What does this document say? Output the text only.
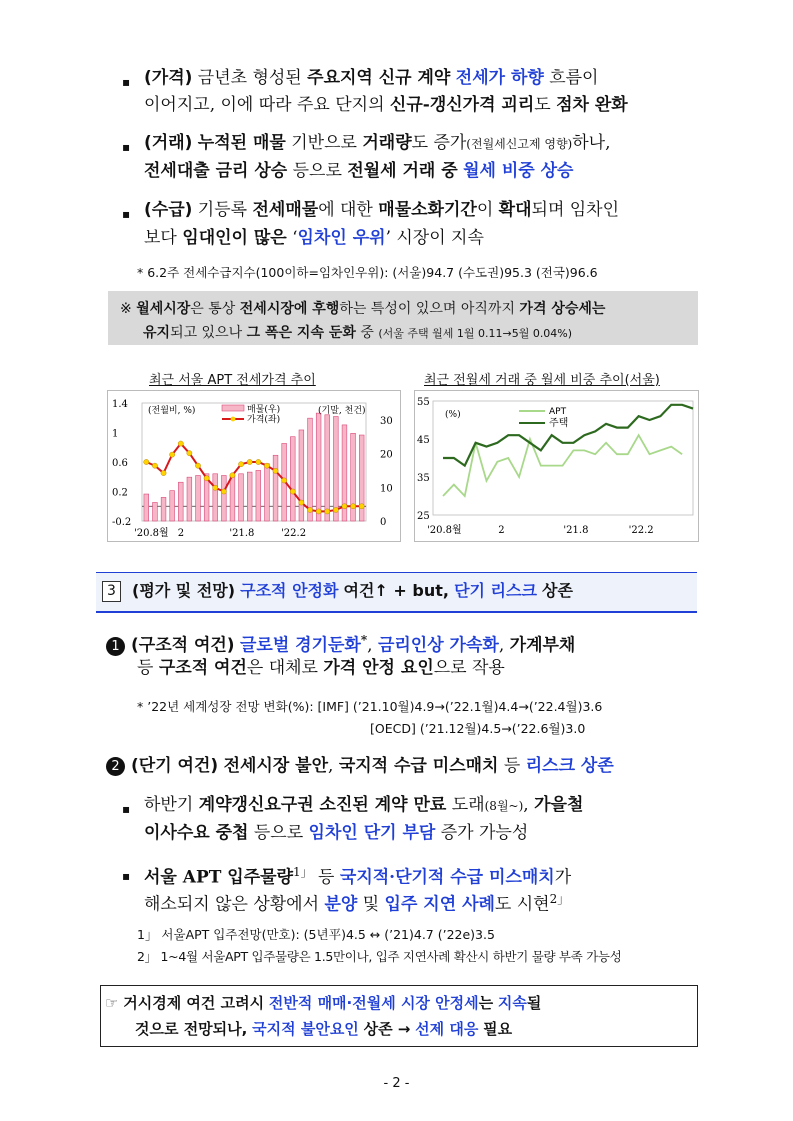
▪ (가격) 금년초 형성된 주요지역 신규 계약 전세가 하향 흐름이
이어지고, 이에 따라 주요 단지의 신규-갱신가격 괴리도 점차 완화
▪ (거래) 누적된 매물 기반으로 거래량도 증가(전월세신고제 영향)하나,
전세대출 금리 상승 등으로 전월세 거래 중 월세 비중 상승
▪ (수급) 기등록 전세매물에 대한 매물소화기간이 확대되며 임차인
보다 임대인이 많은 ‘임차인 우위’ 시장이 지속
* 6.2주 전세수급지수(100이하=임차인우위): (서울)94.7 (수도권)95.3 (전국)96.6
※ 월세시장은 통상 전세시장에 후행하는 특성이 있으며 아직까지 가격 상승세는
유지되고 있으나 그 폭은 지속 둔화 중 (서울 주택 월세 1월 0.11→5월 0.04%)
최근 서울 APT 전세가격 추이	최근 전월세 거래 중 월세 비중 추이(서울)
1.4
1
0.6
0.2
-0.2
30
20
10
0
(전월비, %)	(기말, 천건)
매물(우)
가격(좌)
'20.8월 2	'21.8	'22.2
55
45
35
25
(%)	APT
주택
'20.8월	2	'21.8	'22.2
3	(평가 및 전망) 구조적 안정화 여건↑ + but, 단기 리스크 상존
1 (구조적 여건) 글로벌 경기둔화*, 금리인상 가속화, 가계부채
등 구조적 여건은 대체로 가격 안정 요인으로 작용
* ’22년 세계성장 전망 변화(%): [IMF] (’21.10월)4.9→(’22.1월)4.4→(’22.4월)3.6
[OECD] (’21.12월)4.5→(’22.6월)3.0
2 (단기 여건) 전세시장 불안, 국지적 수급 미스매치 등 리스크 상존
▪ 하반기 계약갱신요구권 소진된 계약 만료 도래(8월~), 가을철
이사수요 중첩 등으로 임차인 단기 부담 증가 가능성
▪ 서울 APT 입주물량$^{1」}$ 등 국지적·단기적 수급 미스매치가
해소되지 않은 상황에서 분양 및 입주 지연 사례도 시현$^{2」}$
1」 서울APT 입주전망(만호): (5년平)4.5 ↔ (’21)4.7 (’22e)3.5
2」 1~4월 서울APT 입주물량은 1.5만이나, 입주 지연사례 확산시 하반기 물량 부족 가능성
☞ 거시경제 여건 고려시 전반적 매매·전월세 시장 안정세는 지속될
것으로 전망되나, 국지적 불안요인 상존 → 선제 대응 필요
- 2 -
